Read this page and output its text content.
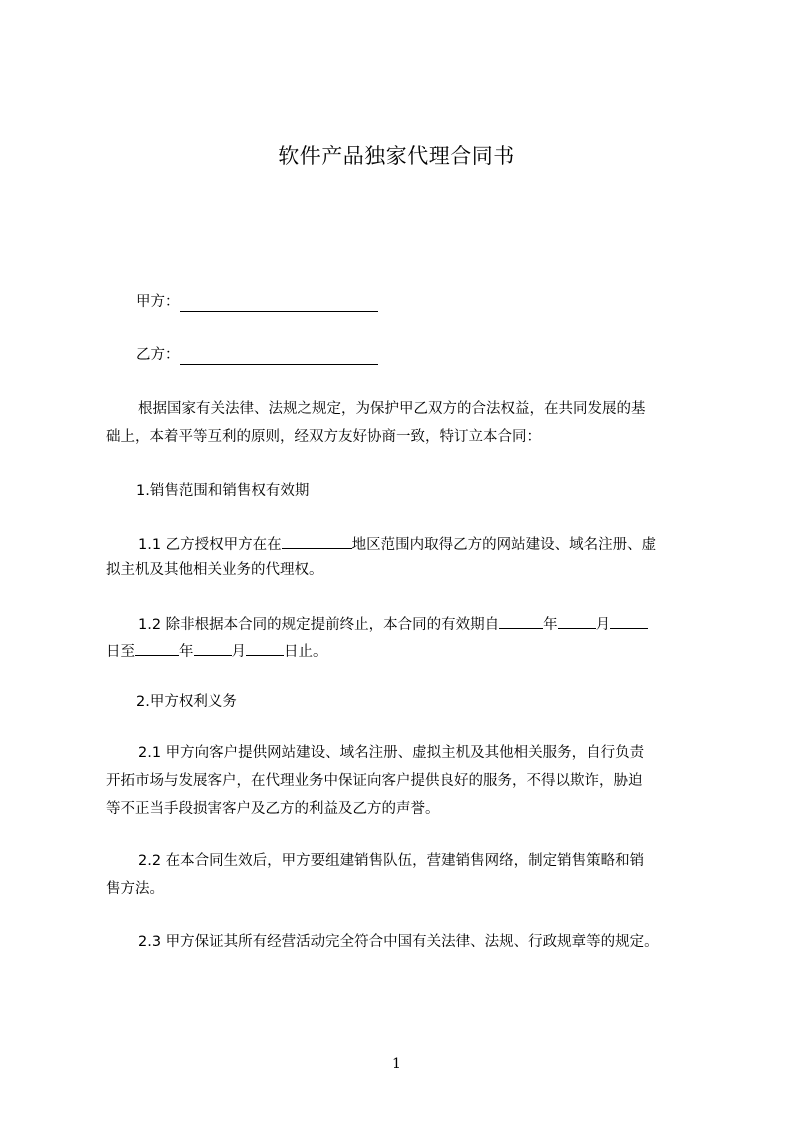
软件产品独家代理合同书
甲方：
乙方：
根据国家有关法律、法规之规定，为保护甲乙双方的合法权益，在共同发展的基
础上，本着平等互利的原则，经双方友好协商一致，特订立本合同：
1.销售范围和销售权有效期
1.1 乙方授权甲方在在	地区范围内取得乙方的网站建设、域名注册、虚
拟主机及其他相关业务的代理权。
1.2 除非根据本合同的规定提前终止，本合同的有效期自	年	月
日至	年	月	日止。
2.甲方权利义务
2.1 甲方向客户提供网站建设、域名注册、虚拟主机及其他相关服务，自行负责
开拓市场与发展客户，在代理业务中保证向客户提供良好的服务，不得以欺诈，胁迫
等不正当手段损害客户及乙方的利益及乙方的声誉。
2.2 在本合同生效后，甲方要组建销售队伍，营建销售网络，制定销售策略和销
售方法。
2.3 甲方保证其所有经营活动完全符合中国有关法律、法规、行政规章等的规定。
1
